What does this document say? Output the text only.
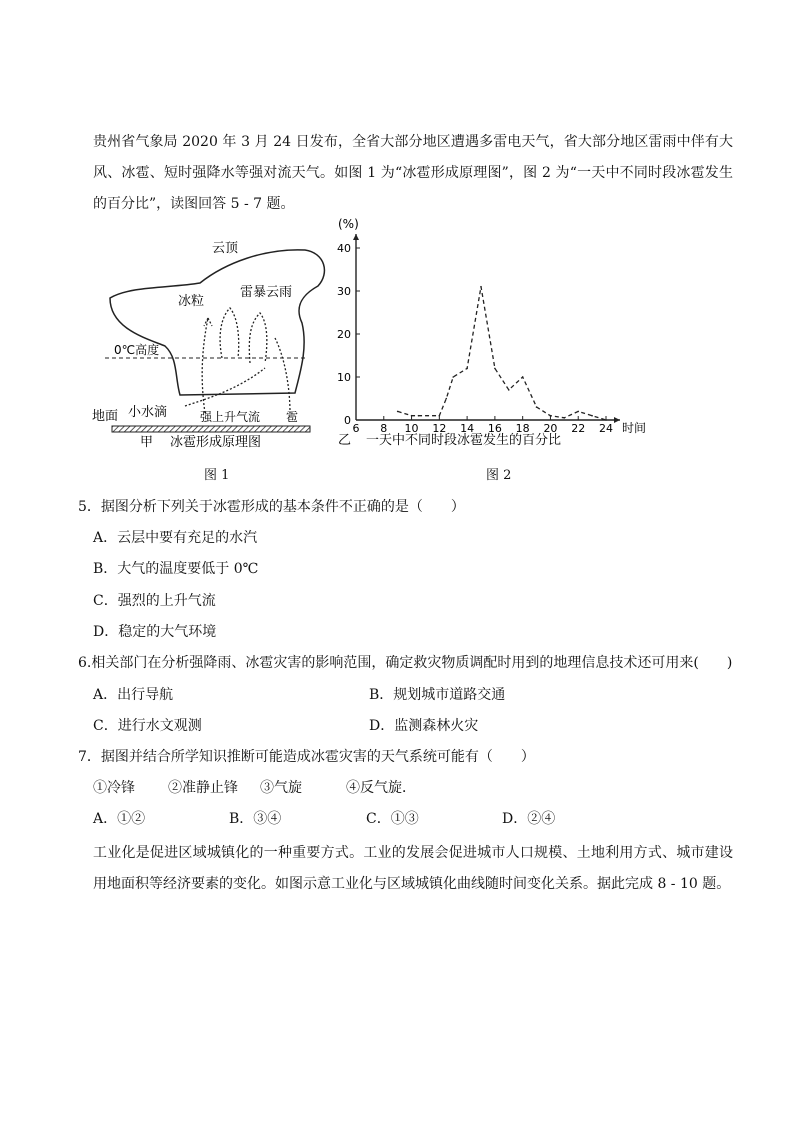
贵州省气象局 2020 年 3 月 24 日发布，全省大部分地区遭遇多雷电天气，省大部分地区雷雨中伴有大风、冰雹、短时强降水等强对流天气。如图 1 为“冰雹形成原理图”，图 2 为“一天中不同时段冰雹发生的百分比”，读图回答 5 - 7 题。
云顶
雷暴云雨
冰粒
0℃高度
地面 小水滴	强上升气流 雹
甲 冰雹形成原理图
图 1
6 8 10 12 14 16 18 20 22 24
0
10
20
30
40
(%)
时间
乙 一天中不同时段冰雹发生的百分比
图 2
5．据图分析下列关于冰雹形成的基本条件不正确的是（　　）
A．云层中要有充足的水汽
B．大气的温度要低于 0℃
C．强烈的上升气流
D．稳定的大气环境
6.相关部门在分析强降雨、冰雹灾害的影响范围，确定救灾物质调配时用到的地理信息技术还可用来(　　)
A．出行导航	B．规划城市道路交通
C．进行水文观测	D．监测森林火灾
7．据图并结合所学知识推断可能造成冰雹灾害的天气系统可能有（　　）
①冷锋 ②准静止锋 ③气旋	④反气旋．
A．①②	B．③④	C．①③	D．②④
工业化是促进区域城镇化的一种重要方式。工业的发展会促进城市人口规模、土地利用方式、城市建设用地面积等经济要素的变化。如图示意工业化与区域城镇化曲线随时间变化关系。据此完成 8 - 10 题。
